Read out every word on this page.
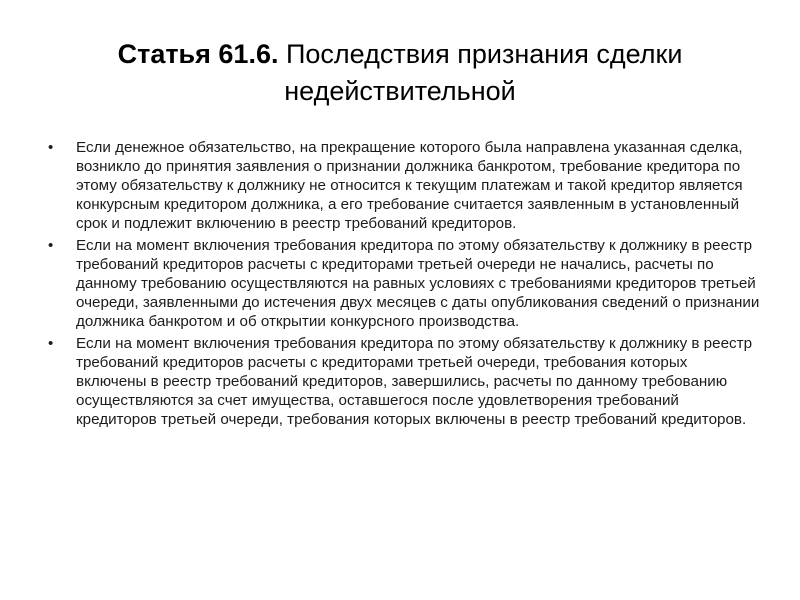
Статья 61.6. Последствия признания сделки недействительной
• Если денежное обязательство, на прекращение которого была направлена указанная сделка, возникло до принятия заявления о признании должника банкротом, требование кредитора по этому обязательству к должнику не относится к текущим платежам и такой кредитор является конкурсным кредитором должника, а его требование считается заявленным в установленный срок и подлежит включению в реестр требований кредиторов.
• Если на момент включения требования кредитора по этому обязательству к должнику в реестр требований кредиторов расчеты с кредиторами третьей очереди не начались, расчеты по данному требованию осуществляются на равных условиях с требованиями кредиторов третьей очереди, заявленными до истечения двух месяцев с даты опубликования сведений о признании должника банкротом и об открытии конкурсного производства.
• Если на момент включения требования кредитора по этому обязательству к должнику в реестр требований кредиторов расчеты с кредиторами третьей очереди, требования которых включены в реестр требований кредиторов, завершились, расчеты по данному требованию осуществляются за счет имущества, оставшегося после удовлетворения требований кредиторов третьей очереди, требования которых включены в реестр требований кредиторов.
